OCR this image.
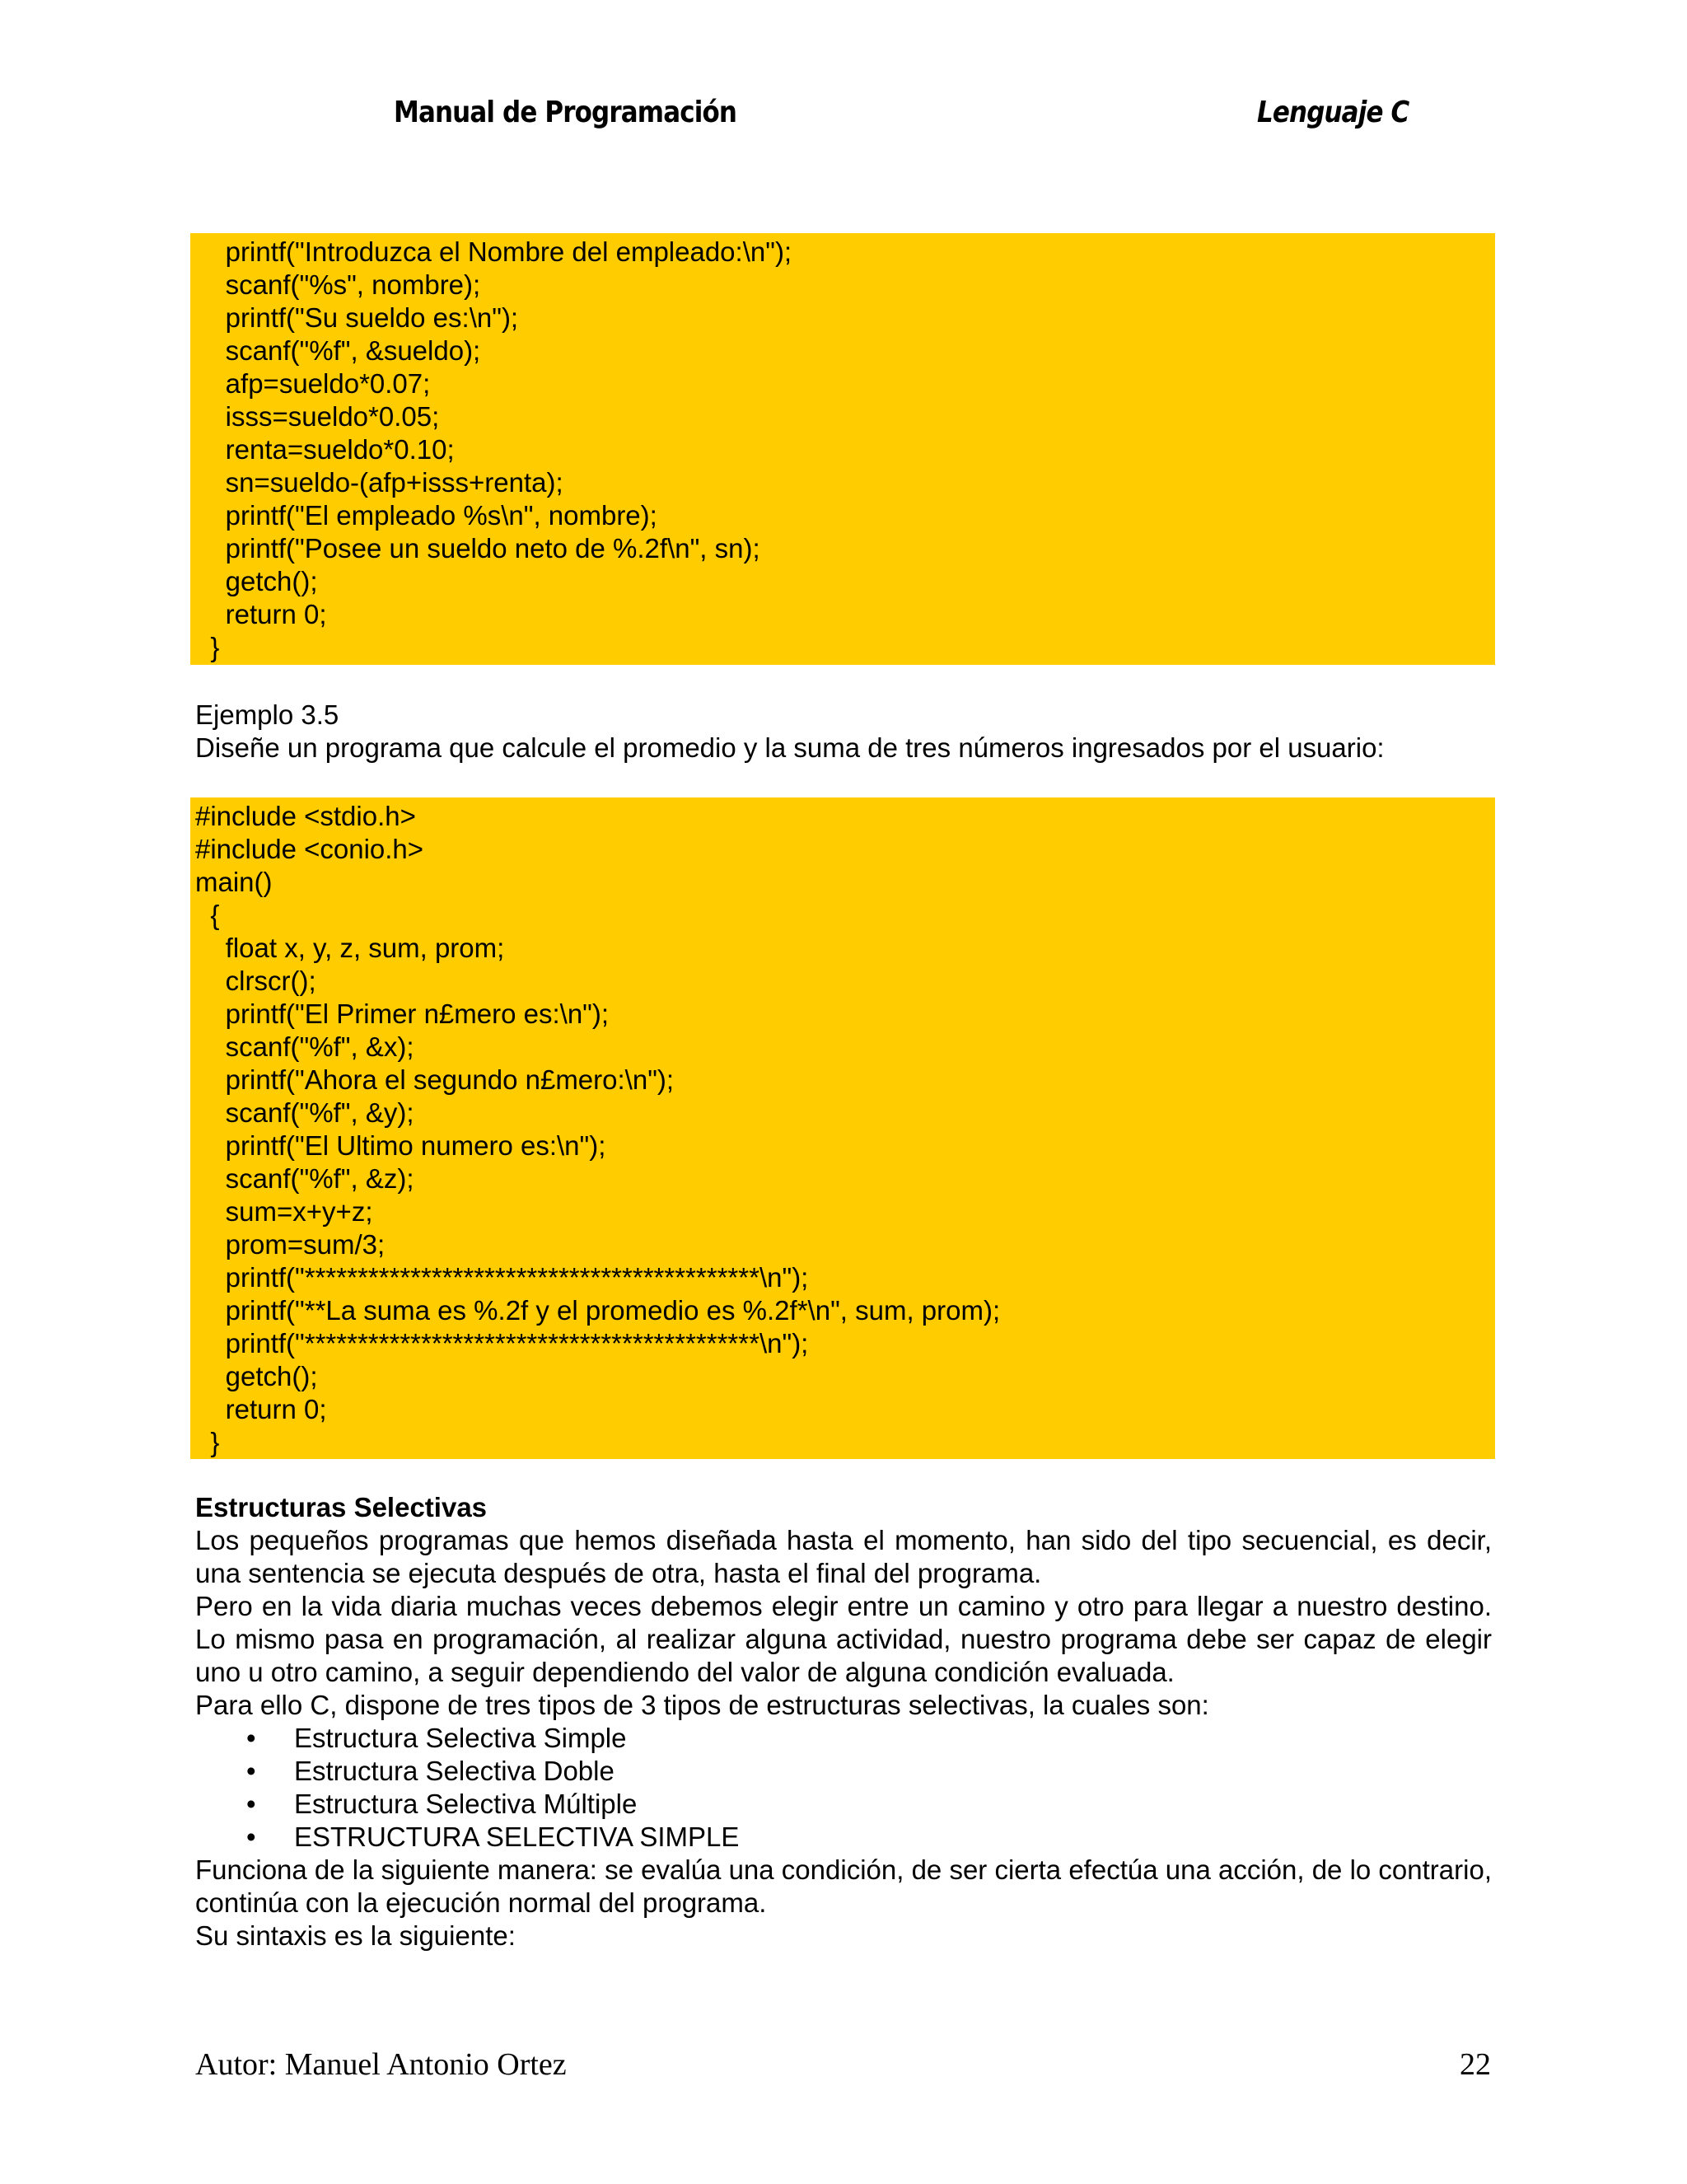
Manual de Programación	Lenguaje C
printf("Introduzca el Nombre del empleado:\n");
scanf("%s", nombre);
printf("Su sueldo es:\n");
scanf("%f", &sueldo);
afp=sueldo*0.07;
isss=sueldo*0.05;
renta=sueldo*0.10;
sn=sueldo-(afp+isss+renta);
printf("El empleado %s\n", nombre);
printf("Posee un sueldo neto de %.2f\n", sn);
getch();
return 0;
}
Ejemplo 3.5
Diseñe un programa que calcule el promedio y la suma de tres números ingresados por el usuario:
#include <stdio.h>
#include <conio.h>
main()
{
float x, y, z, sum, prom;
clrscr();
printf("El Primer n£mero es:\n");
scanf("%f", &x);
printf("Ahora el segundo n£mero:\n");
scanf("%f", &y);
printf("El Ultimo numero es:\n");
scanf("%f", &z);
sum=x+y+z;
prom=sum/3;
printf("*******************************************\n");
printf("**La suma es %.2f y el promedio es %.2f*\n", sum, prom);
printf("*******************************************\n");
getch();
return 0;
}
Estructuras Selectivas

Los pequeños programas que hemos diseñada hasta el momento, han sido del tipo secuencial, es decir, una sentencia se ejecuta después de otra, hasta el final del programa.

Pero en la vida diaria muchas veces debemos elegir entre un camino y otro para llegar a nuestro destino. Lo mismo pasa en programación, al realizar alguna actividad, nuestro programa debe ser capaz de elegir uno u otro camino, a seguir dependiendo del valor de alguna condición evaluada.

Para ello C, dispone de tres tipos de 3 tipos de estructuras selectivas, la cuales son:

• Estructura Selectiva Simple
• Estructura Selectiva Doble
• Estructura Selectiva Múltiple
• ESTRUCTURA SELECTIVA SIMPLE

Funciona de la siguiente manera: se evalúa una condición, de ser cierta efectúa una acción, de lo contrario, continúa con la ejecución normal del programa.

Su sintaxis es la siguiente:

Autor: Manuel Antonio Ortez	22
